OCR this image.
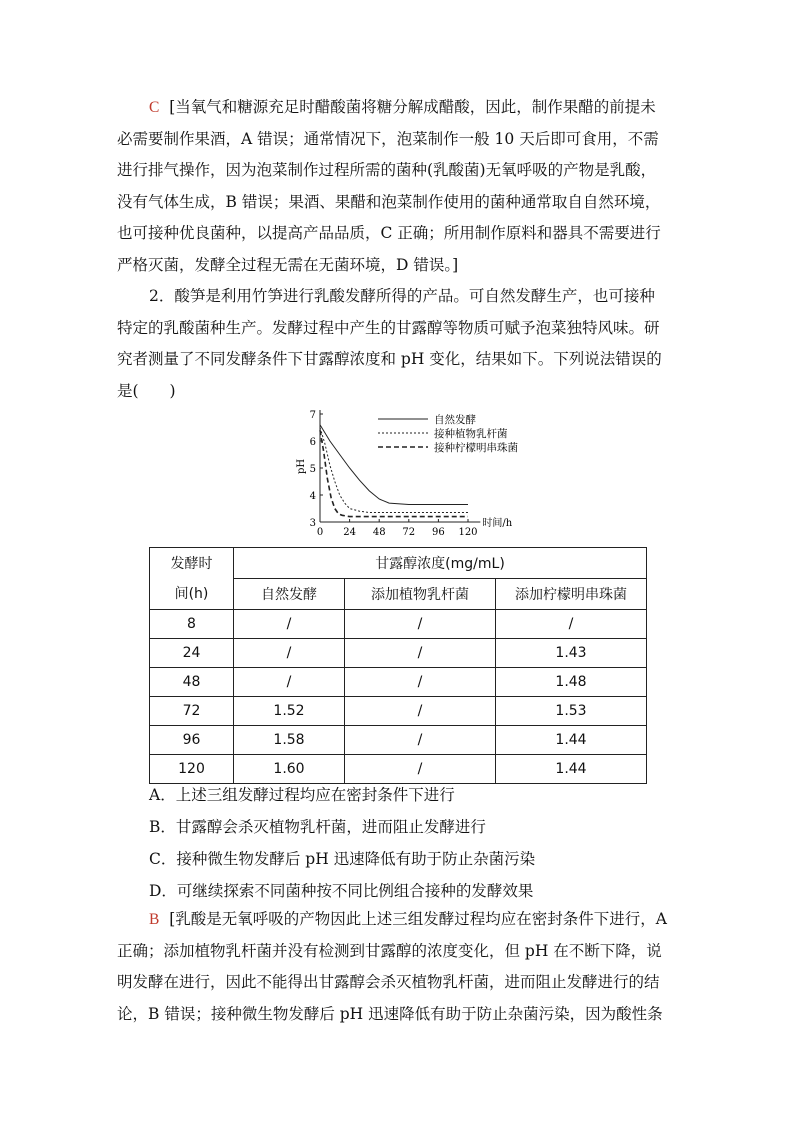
C [当氧气和糖源充足时醋酸菌将糖分解成醋酸，因此，制作果醋的前提未
必需要制作果酒，A 错误；通常情况下，泡菜制作一般 10 天后即可食用，不需
进行排气操作，因为泡菜制作过程所需的菌种(乳酸菌)无氧呼吸的产物是乳酸，
没有气体生成，B 错误；果酒、果醋和泡菜制作使用的菌种通常取自自然环境，
也可接种优良菌种，以提高产品品质，C 正确；所用制作原料和器具不需要进行
严格灭菌，发酵全过程无需在无菌环境，D 错误。]
2．酸笋是利用竹笋进行乳酸发酵所得的产品。可自然发酵生产，也可接种
特定的乳酸菌种生产。发酵过程中产生的甘露醇等物质可赋予泡菜独特风味。研
究者测量了不同发酵条件下甘露醇浓度和 pH 变化，结果如下。下列说法错误的
是(　　)
0 24 48 72 96 120
3
4
5
6
7
时间/h
pH
自然发酵
接种植物乳杆菌
接种柠檬明串珠菌
发酵时
间(h)	甘露醇浓度(mg/mL)		
	自然发酵	添加植物乳杆菌	添加柠檬明串珠菌
8	/	/	/
24	/	/	1.43
48	/	/	1.48
72	1.52	/	1.53
96	1.58	/	1.44
120	1.60	/	1.44
A．上述三组发酵过程均应在密封条件下进行
B．甘露醇会杀灭植物乳杆菌，进而阻止发酵进行
C．接种微生物发酵后 pH 迅速降低有助于防止杂菌污染
D．可继续探索不同菌种按不同比例组合接种的发酵效果
B [乳酸是无氧呼吸的产物因此上述三组发酵过程均应在密封条件下进行，A
正确；添加植物乳杆菌并没有检测到甘露醇的浓度变化，但 pH 在不断下降，说
明发酵在进行，因此不能得出甘露醇会杀灭植物乳杆菌，进而阻止发酵进行的结
论，B 错误；接种微生物发酵后 pH 迅速降低有助于防止杂菌污染，因为酸性条
